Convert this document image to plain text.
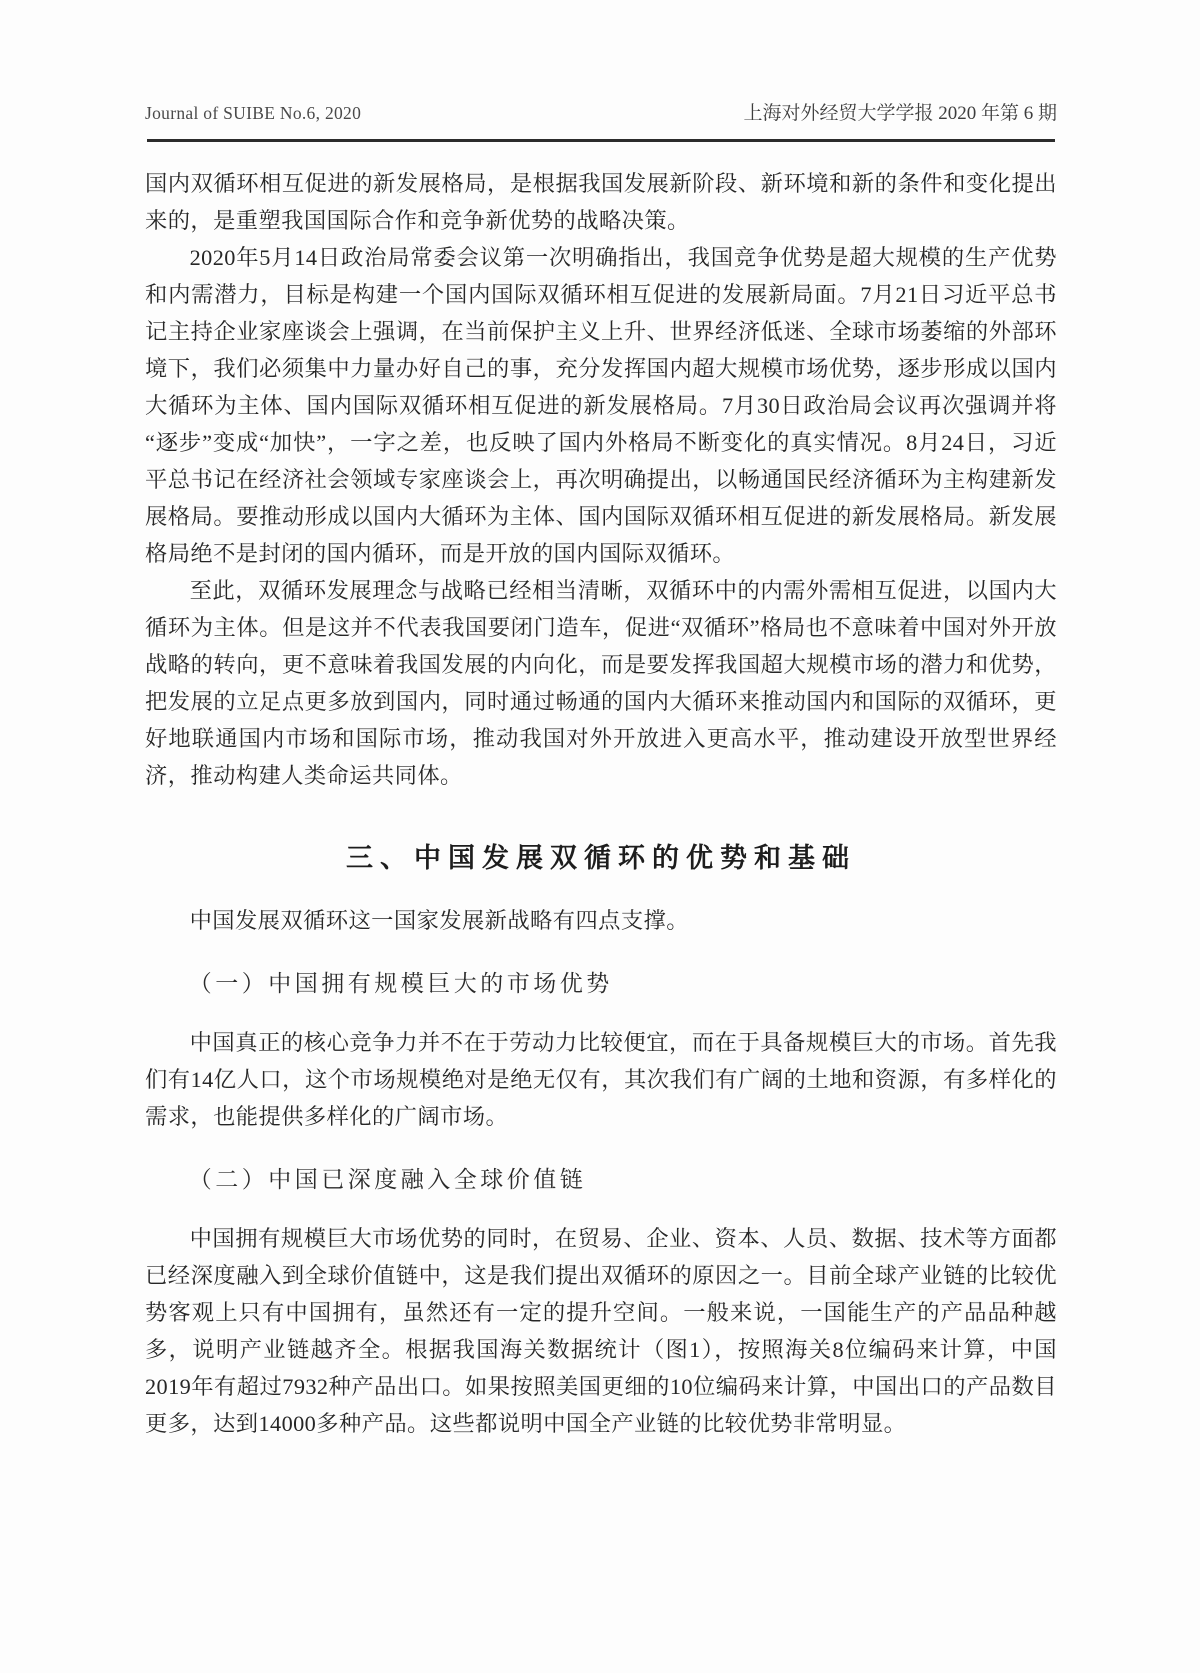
Journal of SUIBE No.6, 2020	上海对外经贸大学学报 2020 年第 6 期

国内双循环相互促进的新发展格局，是根据我国发展新阶段、新环境和新的条件和变化提出来的，是重塑我国国际合作和竞争新优势的战略决策。

2020年5月14日政治局常委会议第一次明确指出，我国竞争优势是超大规模的生产优势和内需潜力，目标是构建一个国内国际双循环相互促进的发展新局面。7月21日习近平总书记主持企业家座谈会上强调，在当前保护主义上升、世界经济低迷、全球市场萎缩的外部环境下，我们必须集中力量办好自己的事，充分发挥国内超大规模市场优势，逐步形成以国内大循环为主体、国内国际双循环相互促进的新发展格局。7月30日政治局会议再次强调并将“逐步”变成“加快”，一字之差，也反映了国内外格局不断变化的真实情况。8月24日，习近平总书记在经济社会领域专家座谈会上，再次明确提出，以畅通国民经济循环为主构建新发展格局。要推动形成以国内大循环为主体、国内国际双循环相互促进的新发展格局。新发展格局绝不是封闭的国内循环，而是开放的国内国际双循环。

至此，双循环发展理念与战略已经相当清晰，双循环中的内需外需相互促进，以国内大循环为主体。但是这并不代表我国要闭门造车，促进“双循环”格局也不意味着中国对外开放战略的转向，更不意味着我国发展的内向化，而是要发挥我国超大规模市场的潜力和优势，把发展的立足点更多放到国内，同时通过畅通的国内大循环来推动国内和国际的双循环，更好地联通国内市场和国际市场，推动我国对外开放进入更高水平，推动建设开放型世界经济，推动构建人类命运共同体。

三、中国发展双循环的优势和基础

中国发展双循环这一国家发展新战略有四点支撑。

（一）中国拥有规模巨大的市场优势

中国真正的核心竞争力并不在于劳动力比较便宜，而在于具备规模巨大的市场。首先我们有14亿人口，这个市场规模绝对是绝无仅有，其次我们有广阔的土地和资源，有多样化的需求，也能提供多样化的广阔市场。

（二）中国已深度融入全球价值链

中国拥有规模巨大市场优势的同时，在贸易、企业、资本、人员、数据、技术等方面都已经深度融入到全球价值链中，这是我们提出双循环的原因之一。目前全球产业链的比较优势客观上只有中国拥有，虽然还有一定的提升空间。一般来说，一国能生产的产品品种越多，说明产业链越齐全。根据我国海关数据统计（图1），按照海关8位编码来计算，中国2019年有超过7932种产品出口。如果按照美国更细的10位编码来计算，中国出口的产品数目更多，达到14000多种产品。这些都说明中国全产业链的比较优势非常明显。
